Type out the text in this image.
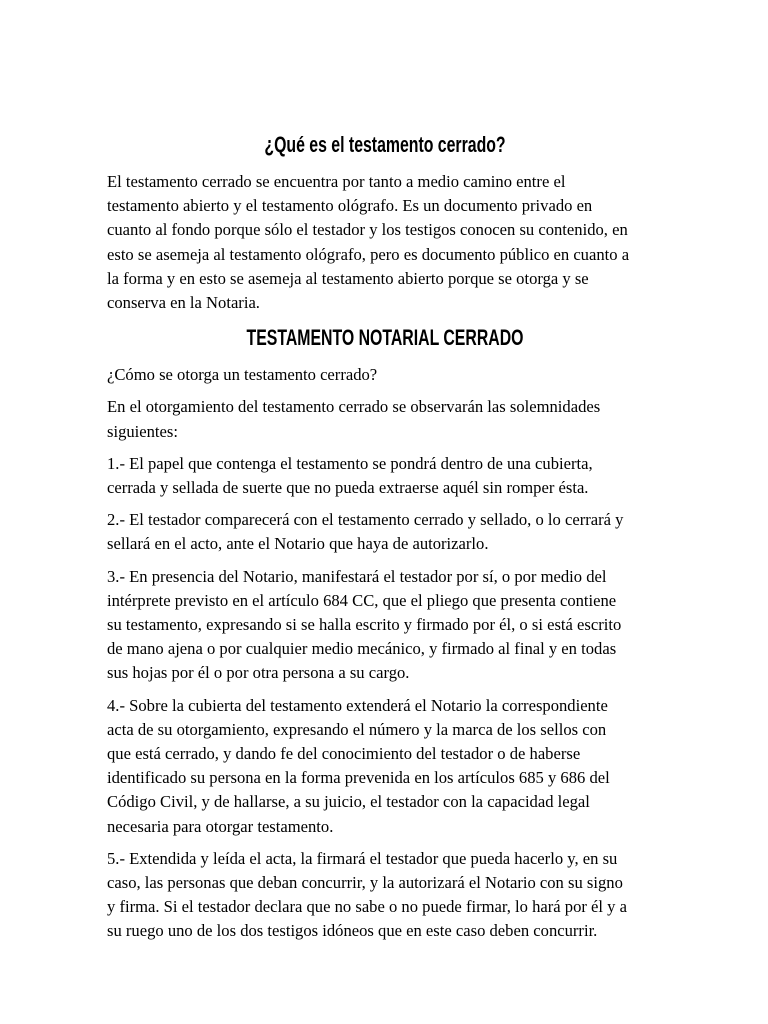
¿Qué es el testamento cerrado?

El testamento cerrado se encuentra por tanto a medio camino entre el
testamento abierto y el testamento ológrafo. Es un documento privado en
cuanto al fondo porque sólo el testador y los testigos conocen su contenido, en
esto se asemeja al testamento ológrafo, pero es documento público en cuanto a
la forma y en esto se asemeja al testamento abierto porque se otorga y se
conserva en la Notaria.

TESTAMENTO NOTARIAL CERRADO

¿Cómo se otorga un testamento cerrado?

En el otorgamiento del testamento cerrado se observarán las solemnidades
siguientes:

1.- El papel que contenga el testamento se pondrá dentro de una cubierta,
cerrada y sellada de suerte que no pueda extraerse aquél sin romper ésta.

2.- El testador comparecerá con el testamento cerrado y sellado, o lo cerrará y
sellará en el acto, ante el Notario que haya de autorizarlo.

3.- En presencia del Notario, manifestará el testador por sí, o por medio del
intérprete previsto en el artículo 684 CC, que el pliego que presenta contiene
su testamento, expresando si se halla escrito y firmado por él, o si está escrito
de mano ajena o por cualquier medio mecánico, y firmado al final y en todas
sus hojas por él o por otra persona a su cargo.

4.- Sobre la cubierta del testamento extenderá el Notario la correspondiente
acta de su otorgamiento, expresando el número y la marca de los sellos con
que está cerrado, y dando fe del conocimiento del testador o de haberse
identificado su persona en la forma prevenida en los artículos 685 y 686 del
Código Civil, y de hallarse, a su juicio, el testador con la capacidad legal
necesaria para otorgar testamento.

5.- Extendida y leída el acta, la firmará el testador que pueda hacerlo y, en su
caso, las personas que deban concurrir, y la autorizará el Notario con su signo
y firma. Si el testador declara que no sabe o no puede firmar, lo hará por él y a
su ruego uno de los dos testigos idóneos que en este caso deben concurrir.
